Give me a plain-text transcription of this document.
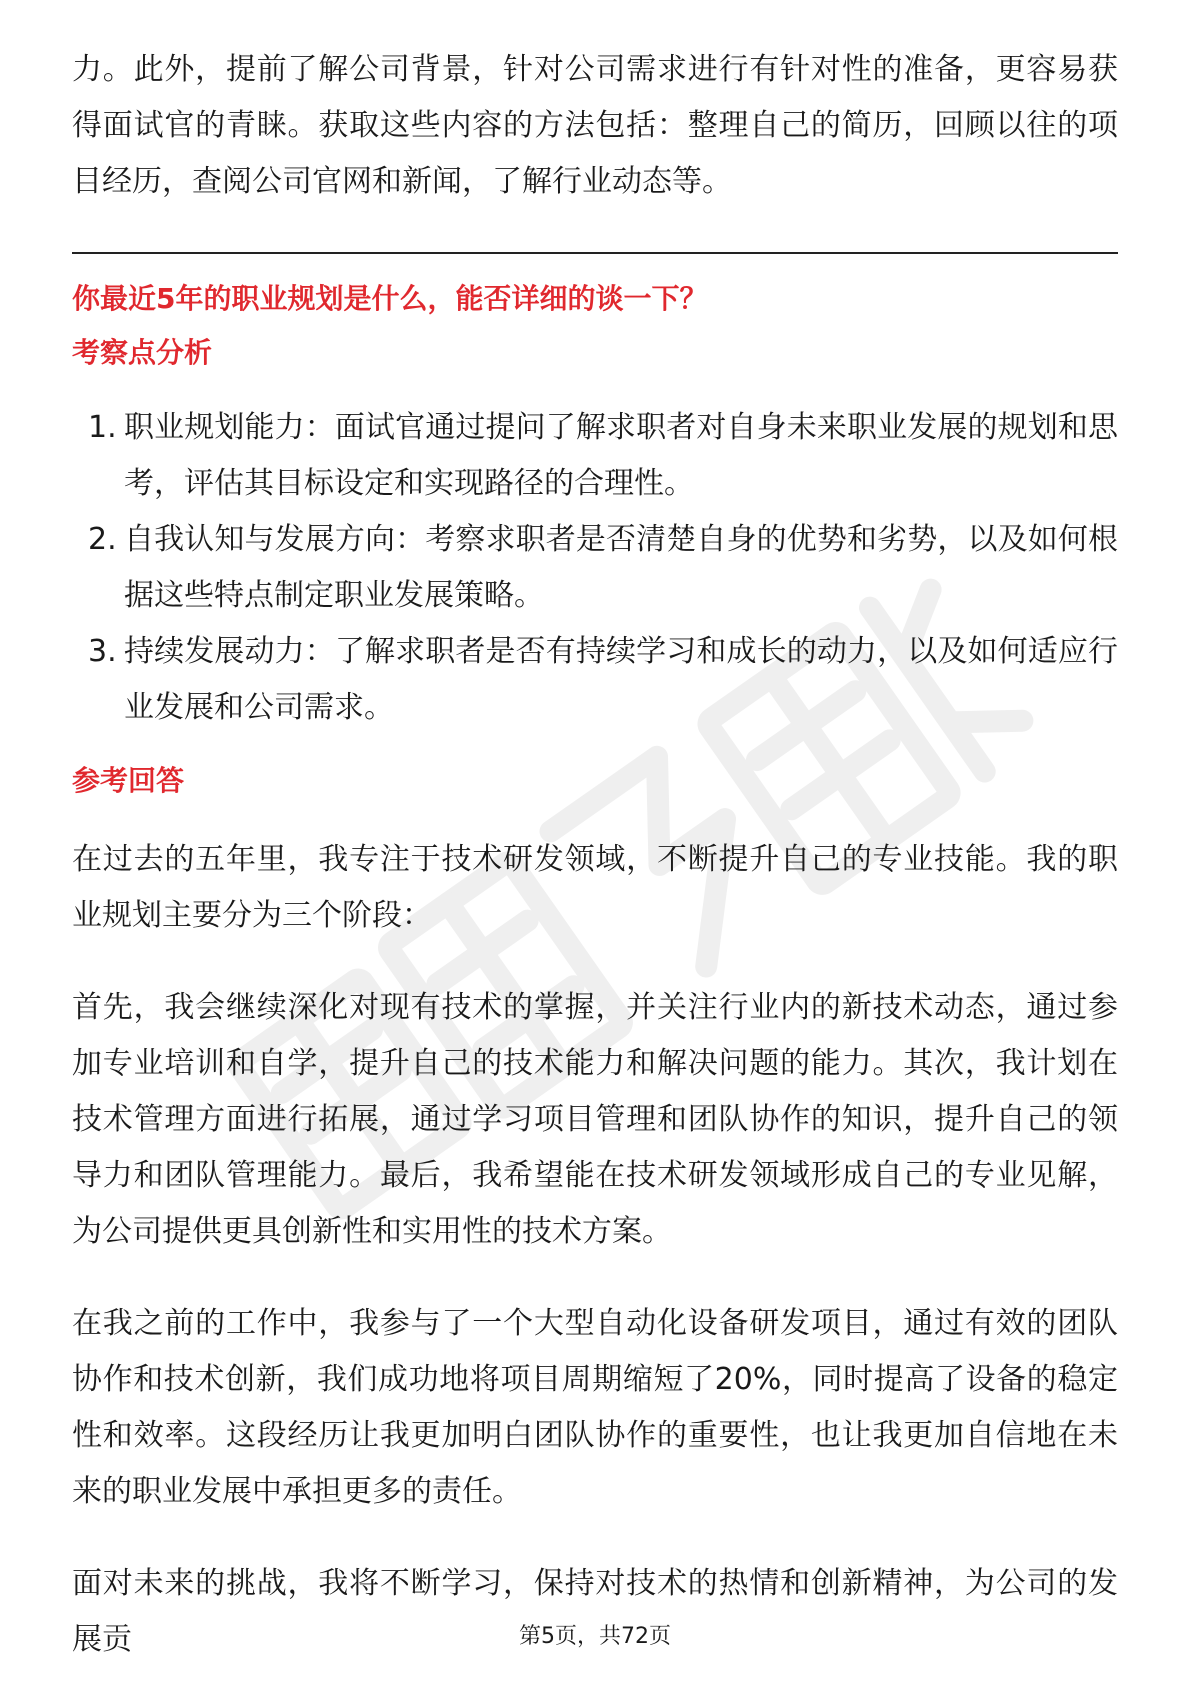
力。此外，提前了解公司背景，针对公司需求进行有针对性的准备，更容易获得面试官的青睐。获取这些内容的方法包括：整理自己的简历，回顾以往的项目经历，查阅公司官网和新闻，了解行业动态等。

你最近5年的职业规划是什么，能否详细的谈一下？
考察点分析
1. 职业规划能力：面试官通过提问了解求职者对自身未来职业发展的规划和思考，评估其目标设定和实现路径的合理性。
2. 自我认知与发展方向：考察求职者是否清楚自身的优势和劣势，以及如何根据这些特点制定职业发展策略。
3. 持续发展动力：了解求职者是否有持续学习和成长的动力，以及如何适应行业发展和公司需求。
参考回答

在过去的五年里，我专注于技术研发领域，不断提升自己的专业技能。我的职业规划主要分为三个阶段：

首先，我会继续深化对现有技术的掌握，并关注行业内的新技术动态，通过参加专业培训和自学，提升自己的技术能力和解决问题的能力。其次，我计划在技术管理方面进行拓展，通过学习项目管理和团队协作的知识，提升自己的领导力和团队管理能力。最后，我希望能在技术研发领域形成自己的专业见解，为公司提供更具创新性和实用性的技术方案。

在我之前的工作中，我参与了一个大型自动化设备研发项目，通过有效的团队协作和技术创新，我们成功地将项目周期缩短了20%，同时提高了设备的稳定性和效率。这段经历让我更加明白团队协作的重要性，也让我更加自信地在未来的职业发展中承担更多的责任。

面对未来的挑战，我将不断学习，保持对技术的热情和创新精神，为公司的发展贡	第5页，共72页
